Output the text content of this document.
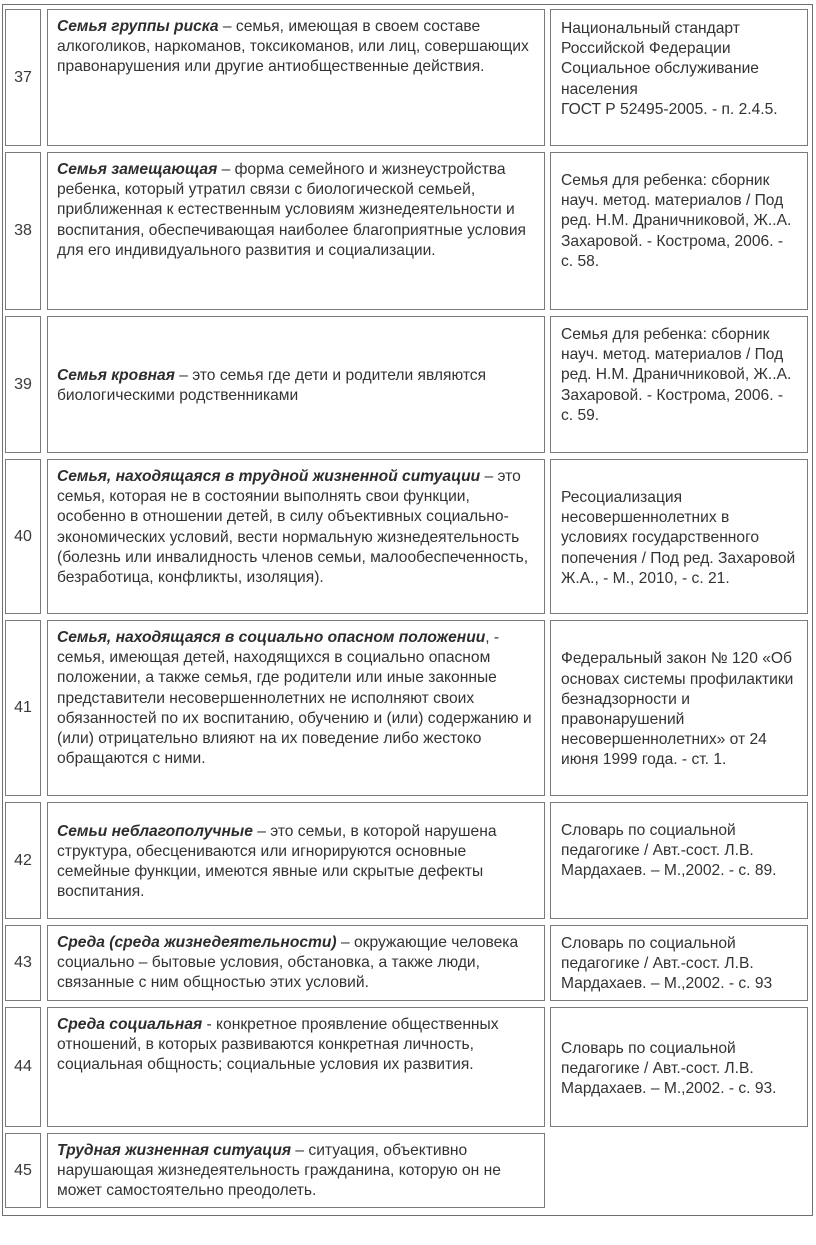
37
Семья группы риска – семья, имеющая в своем составе алкоголиков, наркоманов, токсикоманов, или лиц, совершающих правонарушения или другие антиобщественные действия.
Национальный стандарт Российской Федерации
Социальное обслуживание населения
ГОСТ Р 52495-2005. - п. 2.4.5.
38
Семья замещающая – форма семейного и жизнеустройства ребенка, который утратил связи с биологической семьей, приближенная к естественным условиям жизнедеятельности и воспитания, обеспечивающая наиболее благоприятные условия для его индивидуального развития и социализации.
Семья для ребенка: сборник науч. метод. материалов / Под ред. Н.М. Драничниковой, Ж..А. Захаровой. - Кострома, 2006. - с. 58.
39
Семья кровная – это семья где дети и родители являются биологическими родственниками
Семья для ребенка: сборник науч. метод. материалов / Под ред. Н.М. Драничниковой, Ж..А. Захаровой. - Кострома, 2006. - с. 59.
40
Семья, находящаяся в трудной жизненной ситуации – это семья, которая не в состоянии выполнять свои функции, особенно в отношении детей, в силу объективных социально-экономических условий, вести нормальную жизнедеятельность (болезнь или инвалидность членов семьи, малообеспеченность, безработица, конфликты, изоляция).
Ресоциализация несовершеннолетних в условиях государственного попечения / Под ред. Захаровой Ж.А., - М., 2010, - с. 21.
41
Семья, находящаяся в социально опасном положении, - семья, имеющая детей, находящихся в социально опасном положении, а также семья, где родители или иные законные представители несовершеннолетних не исполняют своих обязанностей по их воспитанию, обучению и (или) содержанию и (или) отрицательно влияют на их поведение либо жестоко обращаются с ними.
Федеральный закон № 120 «Об основах системы профилактики безнадзорности и правонарушений несовершеннолетних» от 24 июня 1999 года. - ст. 1.
42
Семьи неблагополучные – это семьи, в которой нарушена структура, обесцениваются или игнорируются основные семейные функции, имеются явные или скрытые дефекты воспитания.
Словарь по социальной педагогике / Авт.-сост. Л.В. Мардахаев. – М.,2002. - с. 89.
43
Среда (среда жизнедеятельности) – окружающие человека социально – бытовые условия, обстановка, а также люди, связанные с ним общностью этих условий.
Словарь по социальной педагогике / Авт.-сост. Л.В. Мардахаев. – М.,2002. - с. 93
44
Среда социальная - конкретное проявление общественных отношений, в которых развиваются конкретная личность, социальная общность; социальные условия их развития.
Словарь по социальной педагогике / Авт.-сост. Л.В. Мардахаев. – М.,2002. - с. 93.
45
Трудная жизненная ситуация – ситуация, объективно нарушающая жизнедеятельность гражданина, которую он не может самостоятельно преодолеть.
